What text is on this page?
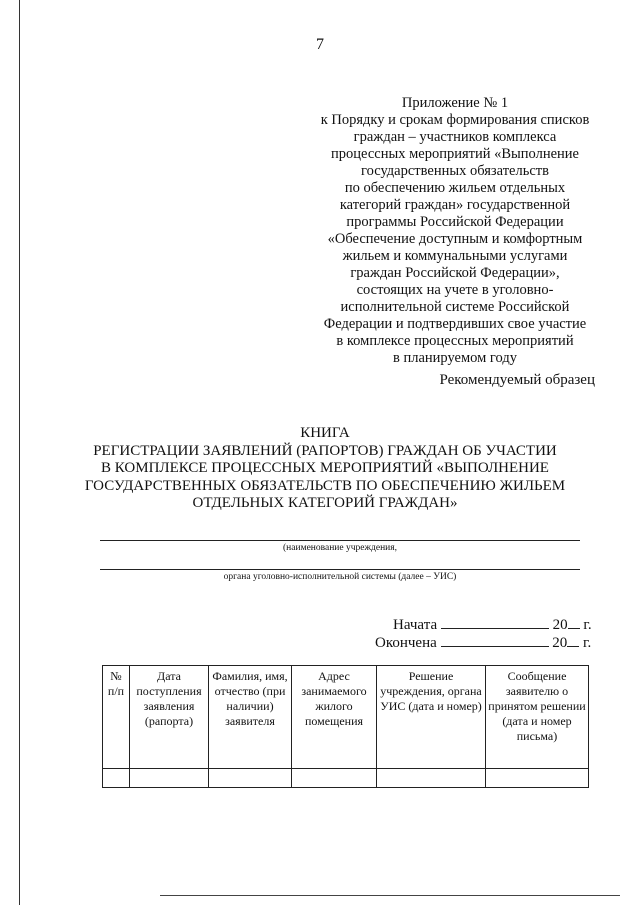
7
Приложение № 1
к Порядку и срокам формирования списков
граждан – участников комплекса
процессных мероприятий «Выполнение
государственных обязательств
по обеспечению жильем отдельных
категорий граждан» государственной
программы Российской Федерации
«Обеспечение доступным и комфортным
жильем и коммунальными услугами
граждан Российской Федерации»,
состоящих на учете в уголовно-
исполнительной системе Российской
Федерации и подтвердивших свое участие
в комплексе процессных мероприятий
в планируемом году
Рекомендуемый образец
КНИГА
РЕГИСТРАЦИИ ЗАЯВЛЕНИЙ (РАПОРТОВ) ГРАЖДАН ОБ УЧАСТИИ
В КОМПЛЕКСЕ ПРОЦЕССНЫХ МЕРОПРИЯТИЙ «ВЫПОЛНЕНИЕ
ГОСУДАРСТВЕННЫХ ОБЯЗАТЕЛЬСТВ ПО ОБЕСПЕЧЕНИЮ ЖИЛЬЕМ
ОТДЕЛЬНЫХ КАТЕГОРИЙ ГРАЖДАН»
(наименование учреждения,
органа уголовно-исполнительной системы (далее – УИС)
Начата	20 г.
Окончена	20 г.
№ п/п	Дата поступления заявления (рапорта)	Фамилия, имя, отчество (при наличии) заявителя	Адрес занимаемого жилого помещения	Решение учреждения, органа УИС (дата и номер)	Сообщение заявителю о принятом решении (дата и номер письма)
